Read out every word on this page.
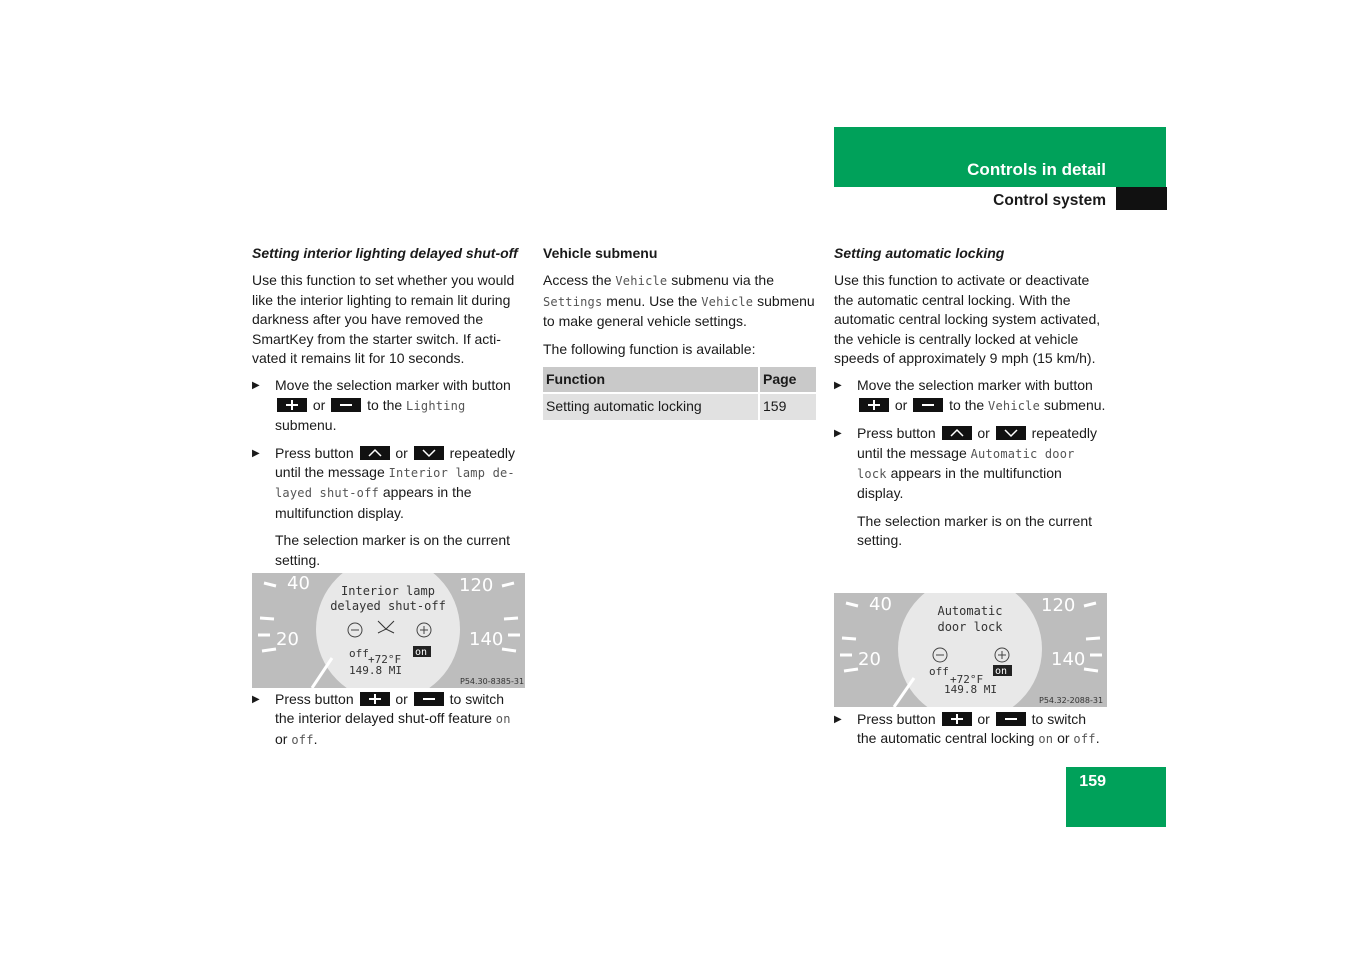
Controls in detail
Control system
Setting interior lighting delayed shut-off

Use this function to set whether you would like the interior lighting to remain lit during darkness after you have removed the SmartKey from the starter switch. If acti-vated it remains lit for 10 seconds.

▶ Move the selection marker with button
or	to the Lighting submenu.
▶ Press button	or	repeatedly until the message Interior lamp de-layed shut-off appears in the multifunction display.

The selection marker is on the current setting.

40
20
120
140
Interior lamp
delayed shut-off
off	on
+72°F
149.8 MI
P54.30-8385-31
▶ Press button	or	to switch the interior delayed shut-off feature on or off.
Vehicle submenu

Access the Vehicle submenu via the Settings menu. Use the Vehicle submenu to make general vehicle settings.

The following function is available:

Function	Page
Setting automatic locking	159
Setting automatic locking

Use this function to activate or deactivate the automatic central locking. With the automatic central locking system activated, the vehicle is centrally locked at vehicle speeds of approximately 9 mph (15 km/h).

▶ Move the selection marker with button
or	to the Vehicle submenu.
▶ Press button	or	repeatedly until the message Automatic door lock appears in the multifunction display.

The selection marker is on the current setting.

40
20
120
140
Automatic
door lock
off	on
+72°F
149.8 MI
P54.32-2088-31
▶ Press button	or	to switch the automatic central locking on or off.
159
